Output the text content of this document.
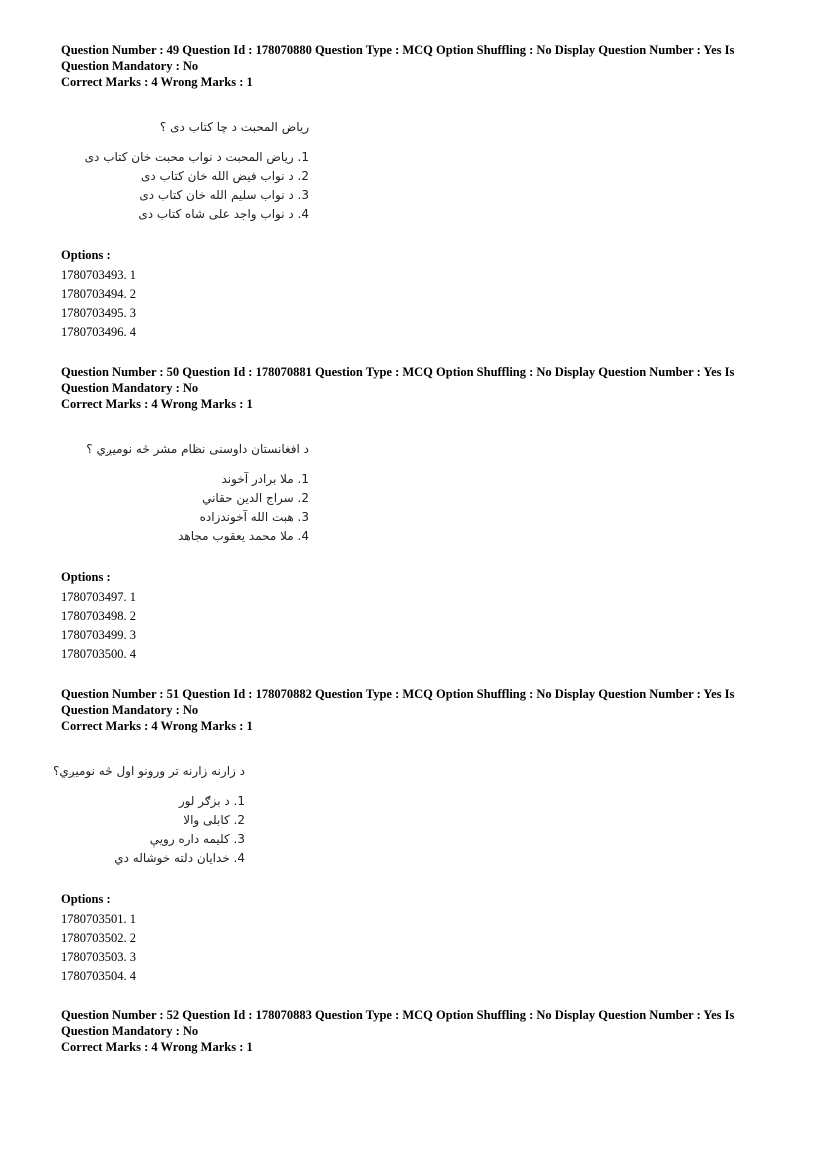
Question Number : 49 Question Id : 178070880 Question Type : MCQ Option Shuffling : No Display Question Number : Yes Is
Question Mandatory : No
Correct Marks : 4 Wrong Marks : 1
رياض المحبت د چا كتاب دى ؟
1. رياض المحبت د نواب محبت خان كتاب دى
2. د نواب فيض الله خان كتاب دى
3. د نواب سليم الله خان كتاب دى
4. د نواب واجد على شاه كتاب دى
Options :
1780703493. 1
1780703494. 2
1780703495. 3
1780703496. 4
Question Number : 50 Question Id : 178070881 Question Type : MCQ Option Shuffling : No Display Question Number : Yes Is
Question Mandatory : No
Correct Marks : 4 Wrong Marks : 1
د افغانستان داوسنى نظام مشر څه نوميږي ؟
1. ملا برادر آخوند
2. سراج الدين حقاني
3. هبت الله آخوندزاده
4. ملا محمد يعقوب مجاهد
Options :
1780703497. 1
1780703498. 2
1780703499. 3
1780703500. 4
Question Number : 51 Question Id : 178070882 Question Type : MCQ Option Shuffling : No Display Question Number : Yes Is
Question Mandatory : No
Correct Marks : 4 Wrong Marks : 1
د زارنه زارنه تر ورونو اول څه نوميږي؟
1. د بزګر لور
2. کابلی والا
3. کلیمه داره رویې
4. خدايان دلته خوشاله دي
Options :
1780703501. 1
1780703502. 2
1780703503. 3
1780703504. 4
Question Number : 52 Question Id : 178070883 Question Type : MCQ Option Shuffling : No Display Question Number : Yes Is
Question Mandatory : No
Correct Marks : 4 Wrong Marks : 1
